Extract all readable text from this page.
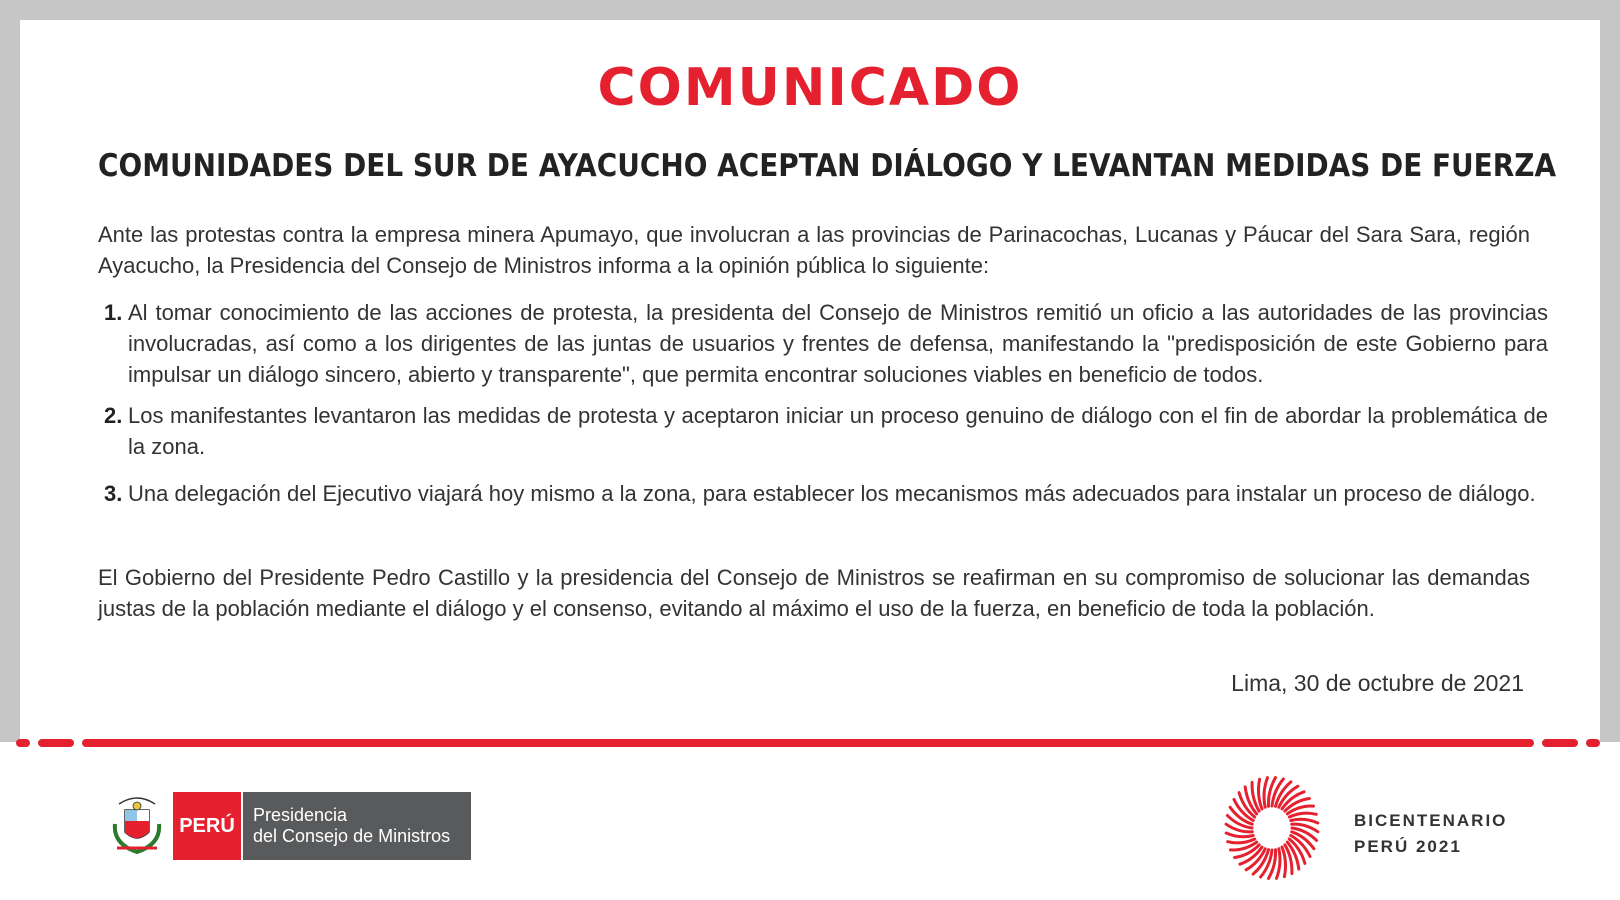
COMUNICADO
COMUNIDADES DEL SUR DE AYACUCHO ACEPTAN DIÁLOGO Y LEVANTAN MEDIDAS DE FUERZA
Ante las protestas contra la empresa minera Apumayo, que involucran a las provincias de Parinacochas, Lucanas y Páucar del Sara Sara, región Ayacucho, la Presidencia del Consejo de Ministros informa a la opinión pública lo siguiente:
1. Al tomar conocimiento de las acciones de protesta, la presidenta del Consejo de Ministros remitió un oficio a las autoridades de las provincias involucradas, así como a los dirigentes de las juntas de usuarios y frentes de defensa, manifestando la "predisposición de este Gobierno para impulsar un diálogo sincero, abierto y transparente", que permita encontrar soluciones viables en beneficio de todos.
2. Los manifestantes levantaron las medidas de protesta y aceptaron iniciar un proceso genuino de diálogo con el fin de abordar la problemática de la zona.
3. Una delegación del Ejecutivo viajará hoy mismo a la zona, para establecer los mecanismos más adecuados para instalar un proceso de diálogo.
El Gobierno del Presidente Pedro Castillo y la presidencia del Consejo de Ministros se reafirman en su compromiso de solucionar las demandas justas de la población mediante el diálogo y el consenso, evitando al máximo el uso de la fuerza, en beneficio de toda la población.
Lima, 30 de octubre de 2021
PERÚ	Presidencia
del Consejo de Ministros
BICENTENARIO
PERÚ 2021
